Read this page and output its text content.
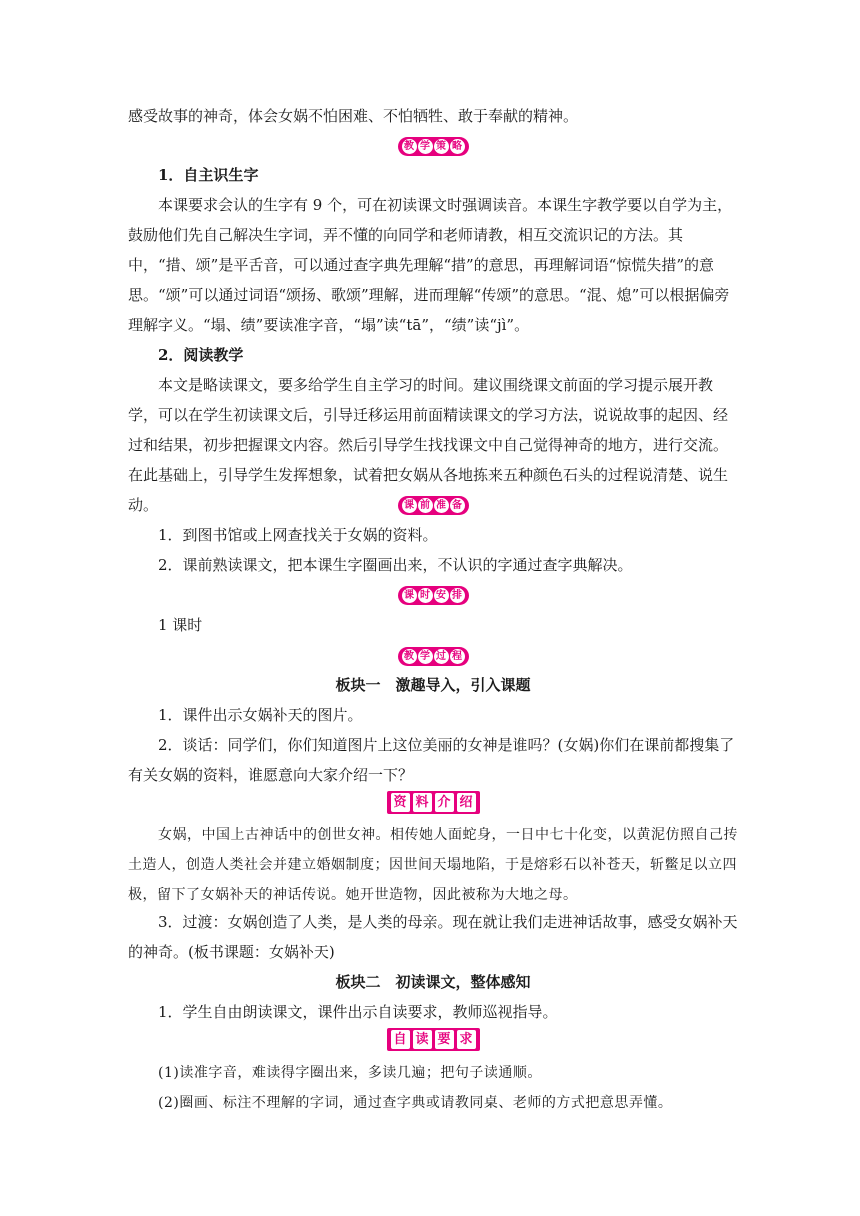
感受故事的神奇，体会女娲不怕困难、不怕牺牲、敢于奉献的精神。

教 学 策 略

1．自主识生字

本课要求会认的生字有 9 个，可在初读课文时强调读音。本课生字教学要以自学为主，鼓励他们先自己解决生字词，弄不懂的向同学和老师请教，相互交流识记的方法。其中，“措、颂”是平舌音，可以通过查字典先理解“措”的意思，再理解词语“惊慌失措”的意思。“颂”可以通过词语“颂扬、歌颂”理解，进而理解“传颂”的意思。“混、熄”可以根据偏旁理解字义。“塌、绩”要读准字音，“塌”读“tā”，“绩”读“jì”。

2．阅读教学

本文是略读课文，要多给学生自主学习的时间。建议围绕课文前面的学习提示展开教学，可以在学生初读课文后，引导迁移运用前面精读课文的学习方法，说说故事的起因、经过和结果，初步把握课文内容。然后引导学生找找课文中自己觉得神奇的地方，进行交流。在此基础上，引导学生发挥想象，试着把女娲从各地拣来五种颜色石头的过程说清楚、说生动。	课 前 准 备

1．到图书馆或上网查找关于女娲的资料。

2．课前熟读课文，把本课生字圈画出来，不认识的字通过查字典解决。

课 时 安 排

1 课时

教 学 过 程

板块一　激趣导入，引入课题

1．课件出示女娲补天的图片。

2．谈话：同学们，你们知道图片上这位美丽的女神是谁吗？(女娲)你们在课前都搜集了有关女娲的资料，谁愿意向大家介绍一下？

资 料 介 绍

女娲，中国上古神话中的创世女神。相传她人面蛇身，一日中七十化变，以黄泥仿照自己抟土造人，创造人类社会并建立婚姻制度；因世间天塌地陷，于是熔彩石以补苍天，斩鳖足以立四极，留下了女娲补天的神话传说。她开世造物，因此被称为大地之母。

3．过渡：女娲创造了人类，是人类的母亲。现在就让我们走进神话故事，感受女娲补天的神奇。(板书课题：女娲补天)

板块二　初读课文，整体感知

1．学生自由朗读课文，课件出示自读要求，教师巡视指导。

自 读 要 求

(1)读准字音，难读得字圈出来，多读几遍；把句子读通顺。

(2)圈画、标注不理解的字词，通过查字典或请教同桌、老师的方式把意思弄懂。
